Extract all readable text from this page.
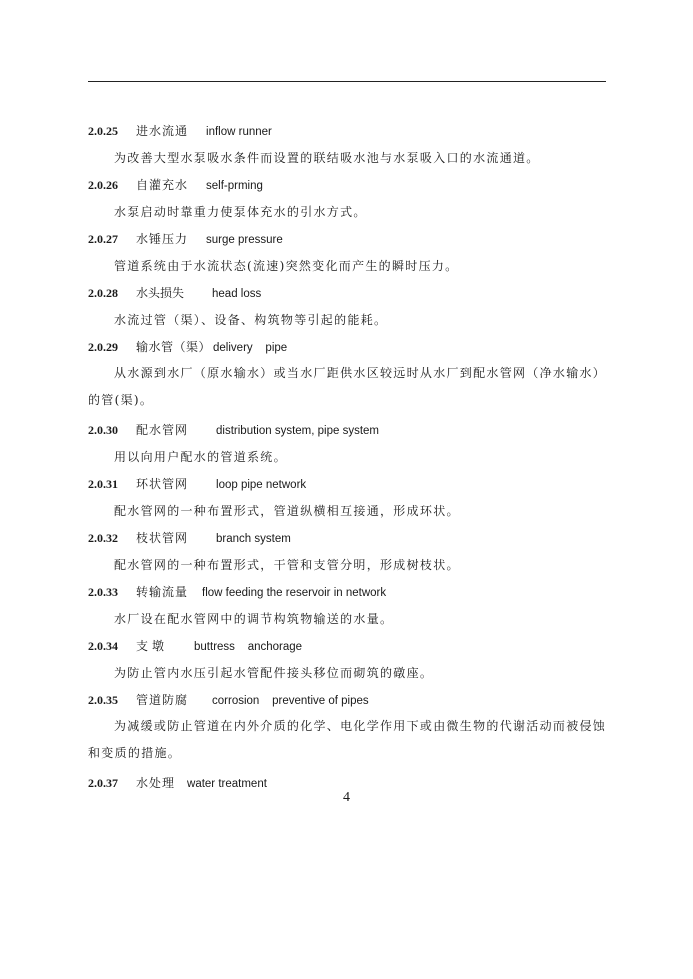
2.0.25 进水流通 inflow runner
为改善大型水泵吸水条件而设置的联结吸水池与水泵吸入口的水流通道。
2.0.26 自灌充水 self-prming
水泵启动时靠重力使泵体充水的引水方式。
2.0.27 水锤压力 surge pressure
管道系统由于水流状态(流速)突然变化而产生的瞬时压力。
2.0.28 水头损失 head loss
水流过管（渠）、设备、构筑物等引起的能耗。
2.0.29 输水管（渠） delivery    pipe
从水源到水厂（原水输水）或当水厂距供水区较远时从水厂到配水管网（净水输水）的管(渠)。
2.0.30 配水管网 distribution system, pipe system
用以向用户配水的管道系统。
2.0.31 环状管网 loop pipe network
配水管网的一种布置形式，管道纵横相互接通，形成环状。
2.0.32 枝状管网 branch system
配水管网的一种布置形式，干管和支管分明，形成树枝状。
2.0.33 转输流量 flow feeding the reservoir in network
水厂设在配水管网中的调节构筑物输送的水量。
2.0.34 支墩 buttress    anchorage
为防止管内水压引起水管配件接头移位而砌筑的礅座。
2.0.35 管道防腐 corrosion    preventive of pipes
为减缓或防止管道在内外介质的化学、电化学作用下或由微生物的代谢活动而被侵蚀和变质的措施。
2.0.37 水处理 water treatment
4
